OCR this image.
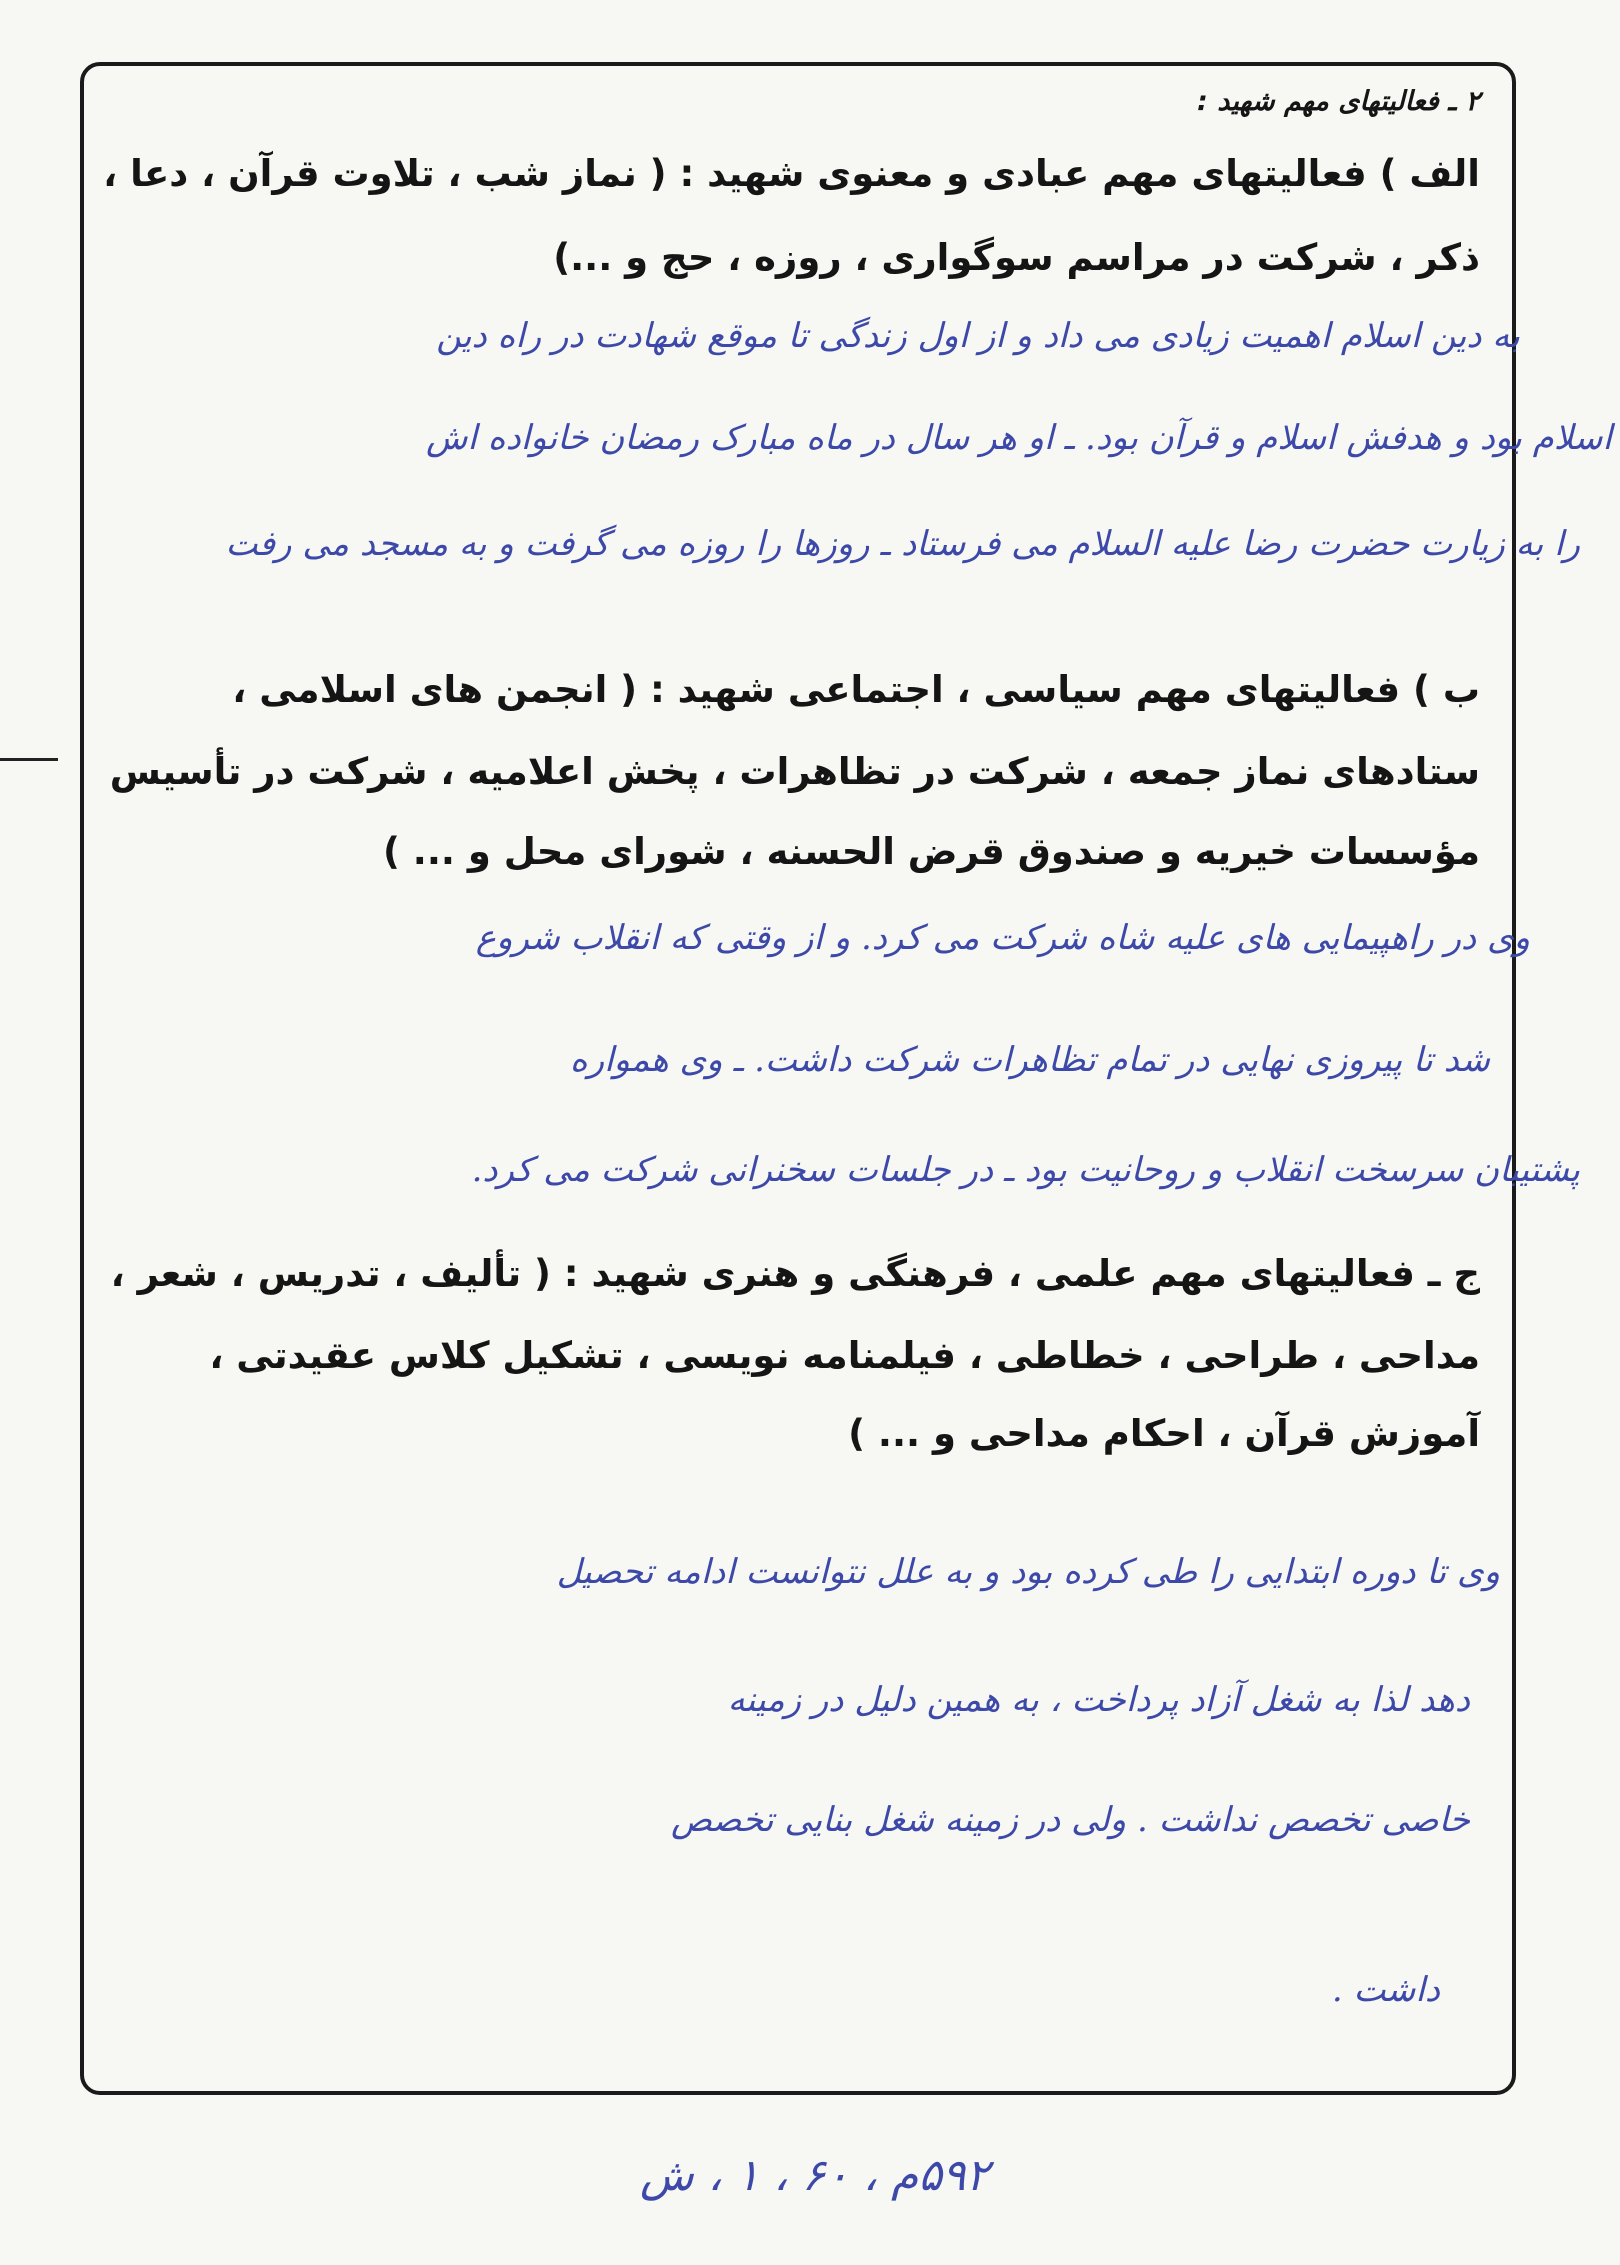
۲ ـ فعالیتهای مهم شهید :
الف ) فعالیتهای مهم عبادی و معنوی شهید : ( نماز شب ، تلاوت قرآن ، دعا ،
ذکر ، شرکت در مراسم سوگواری ، روزه ، حج و ...)
به دین اسلام اهمیت زیادی می داد و از اول زندگی تا موقع شهادت در راه دین
اسلام بود و هدفش اسلام و قرآن بود. ـ او هر سال در ماه مبارک رمضان خانواده اش
را به زیارت حضرت رضا علیه السلام می فرستاد ـ روزها را روزه می گرفت و به مسجد می رفت
ب ) فعالیتهای مهم سیاسی ، اجتماعی شهید : ( انجمن های اسلامی ،
ستادهای نماز جمعه ، شرکت در تظاهرات ، پخش اعلامیه ، شرکت در تأسیس
مؤسسات خیریه و صندوق قرض الحسنه ، شورای محل و ... )
وی در راهپیمایی های علیه شاه شرکت می کرد. و از وقتی که انقلاب شروع
شد تا پیروزی نهایی در تمام تظاهرات شرکت داشت. ـ وی همواره
پشتیبان سرسخت انقلاب و روحانیت بود ـ در جلسات سخنرانی شرکت می کرد.
ج ـ فعالیتهای مهم علمی ، فرهنگی و هنری شهید : ( تألیف ، تدریس ، شعر ،
مداحی ، طراحی ، خطاطی ، فیلمنامه نویسی ، تشکیل کلاس عقیدتی ،
آموزش قرآن ، احکام مداحی و ... )
وی تا دوره ابتدایی را طی کرده بود و به علل نتوانست ادامه تحصیل
دهد لذا به شغل آزاد پرداخت ، به همین دلیل در زمینه
خاصی تخصص نداشت . ولی در زمینه شغل بنایی تخصص
داشت .
۵۹۲م ، ۶۰ ، ۱ ، ش
